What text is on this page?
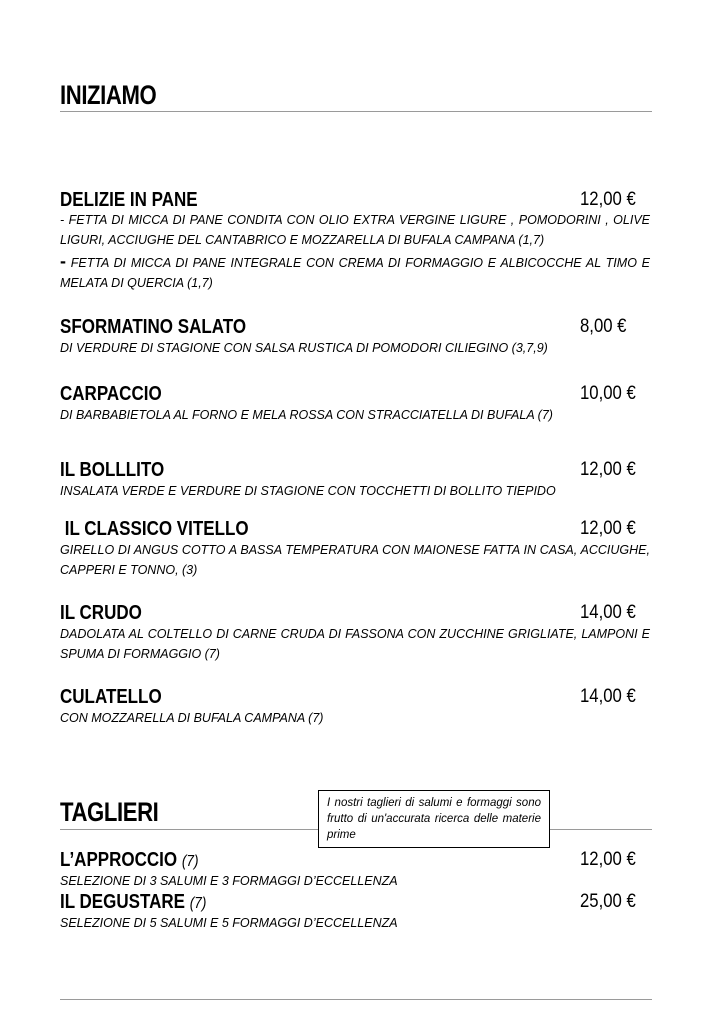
INIZIAMO
DELIZIE IN PANE	12,00 €
- FETTA DI MICCA DI PANE CONDITA CON OLIO EXTRA VERGINE LIGURE , POMODORINI , OLIVE LIGURI, ACCIUGHE DEL CANTABRICO E MOZZARELLA DI BUFALA CAMPANA (1,7)
- FETTA DI MICCA DI PANE INTEGRALE CON CREMA DI FORMAGGIO E ALBICOCCHE AL TIMO E MELATA DI QUERCIA (1,7)
SFORMATINO SALATO	8,00 €
DI VERDURE DI STAGIONE CON SALSA RUSTICA DI POMODORI CILIEGINO (3,7,9)
CARPACCIO	10,00 €
DI BARBABIETOLA AL FORNO E MELA ROSSA CON STRACCIATELLA DI BUFALA (7)
IL BOLLLITO	12,00 €
INSALATA VERDE E VERDURE DI STAGIONE CON TOCCHETTI DI BOLLITO TIEPIDO
IL CLASSICO VITELLO	12,00 €
GIRELLO DI ANGUS COTTO A BASSA TEMPERATURA CON MAIONESE FATTA IN CASA, ACCIUGHE, CAPPERI E TONNO, (3)
IL CRUDO	14,00 €
DADOLATA AL COLTELLO DI CARNE CRUDA DI FASSONA CON ZUCCHINE GRIGLIATE, LAMPONI E SPUMA DI FORMAGGIO (7)
CULATELLO	14,00 €
CON MOZZARELLA DI BUFALA CAMPANA (7)
TAGLIERI	I nostri taglieri di salumi e formaggi sono frutto di un'accurata ricerca delle materie prime
L’APPROCCIO (7)	12,00 €
SELEZIONE DI 3 SALUMI E 3 FORMAGGI D’ECCELLENZA
IL DEGUSTARE (7)	25,00 €
SELEZIONE DI 5 SALUMI E 5 FORMAGGI D’ECCELLENZA
